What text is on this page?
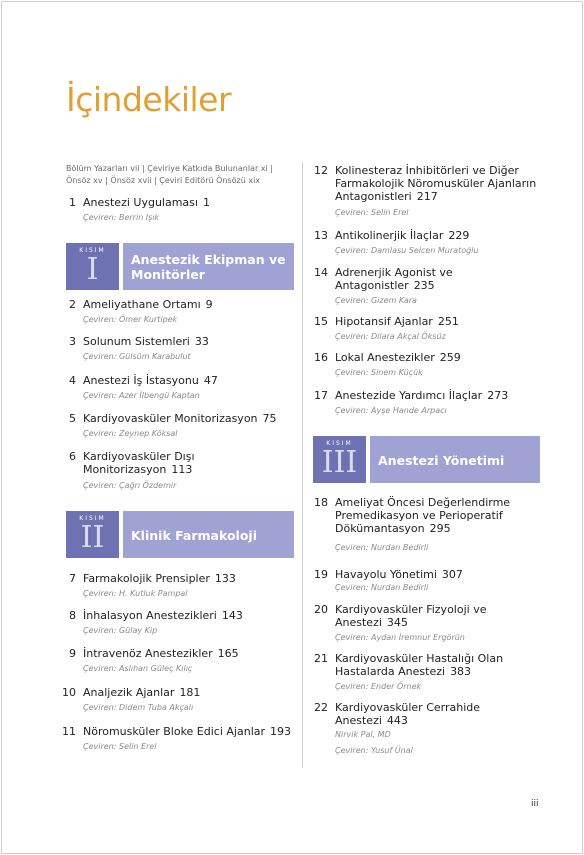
İçindekiler
Bölüm Yazarları vii | Çeviriye Katkıda Bulunanlar xi |
Önsöz xv | Önsöz xvii | Çeviri Editörü Önsözü xix
1 Anestezi Uygulaması 1
Çeviren: Berrin Işık
KISIM
I	Anestezik Ekipman ve
Monitörler
2 Ameliyathane Ortamı 9
Çeviren: Ömer Kurtipek
3 Solunum Sistemleri 33
Çeviren: Gülsüm Karabulut
4 Anestezi İş İstasyonu 47
Çeviren: Azer İlbengü Kaptan
5 Kardiyovasküler Monitorizasyon 75
Çeviren: Zeynep Köksal
6 Kardiyovasküler Dışı
Monitorizasyon 113
Çeviren: Çağrı Özdemir
KISIM
II	Klinik Farmakoloji
7 Farmakolojik Prensipler 133
Çeviren: H. Kutluk Pampal
8 İnhalasyon Anestezikleri 143
Çeviren: Gülay Kip
9 İntravenöz Anestezikler 165
Çeviren: Aslıhan Güleç Kılıç
10 Analjezik Ajanlar 181
Çeviren: Didem Tuba Akçalı
11 Nöromusküler Bloke Edici Ajanlar 193
Çeviren: Selin Erel
12 Kolinesteraz İnhibitörleri ve Diğer
Farmakolojik Nöromusküler Ajanların
Antagonistleri 217
Çeviren: Selin Erel
13 Antikolinerjik İlaçlar 229
Çeviren: Damlasu Selcen Muratoğlu
14 Adrenerjik Agonist ve
Antagonistler 235
Çeviren: Gizem Kara
15 Hipotansif Ajanlar 251
Çeviren: Dilara Akçal Öksüz
16 Lokal Anestezikler 259
Çeviren: Sinem Küçük
17 Anestezide Yardımcı İlaçlar 273
Çeviren: Ayşe Hande Arpacı
KISIM
III	Anestezi Yönetimi
18 Ameliyat Öncesi Değerlendirme
Premedikasyon ve Perioperatif
Dökümantasyon 295
Çeviren: Nurdan Bedirli
19 Havayolu Yönetimi 307
Çeviren: Nurdan Bedirli
20 Kardiyovasküler Fizyoloji ve
Anestezi 345
Çeviren: Aydan İremnur Ergörün
21 Kardiyovasküler Hastalığı Olan
Hastalarda Anestezi 383
Çeviren: Ender Örnek
22 Kardiyovasküler Cerrahide
Anestezi 443
Nirvik Pal, MD
Çeviren: Yusuf Ünal
iii
